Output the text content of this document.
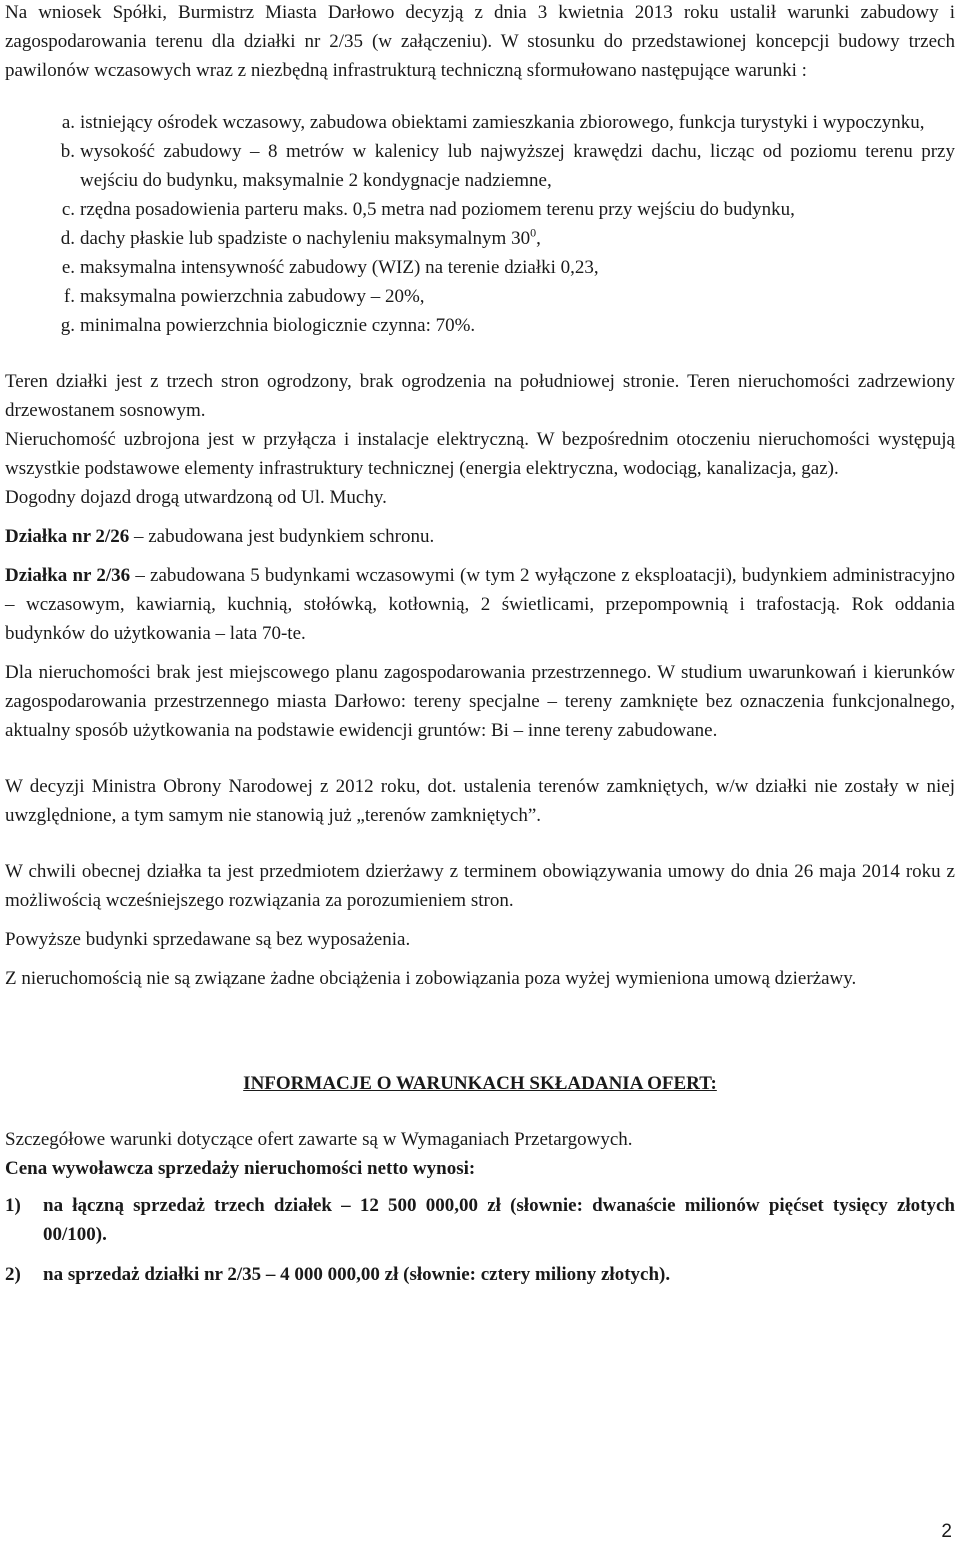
Na wniosek Spółki, Burmistrz Miasta Darłowo decyzją z dnia 3 kwietnia 2013 roku ustalił warunki zabudowy i zagospodarowania terenu dla działki nr 2/35 (w załączeniu). W stosunku do przedstawionej koncepcji budowy trzech pawilonów wczasowych wraz z niezbędną infrastrukturą techniczną sformułowano następujące warunki :

a. istniejący ośrodek wczasowy, zabudowa obiektami zamieszkania zbiorowego, funkcja turystyki i wypoczynku,
b. wysokość zabudowy – 8 metrów w kalenicy lub najwyższej krawędzi dachu, licząc od poziomu terenu przy wejściu do budynku, maksymalnie 2 kondygnacje nadziemne,
c. rzędna posadowienia parteru maks. 0,5 metra nad poziomem terenu przy wejściu do budynku,
d. dachy płaskie lub spadziste o nachyleniu maksymalnym $30^0$,
e. maksymalna intensywność zabudowy (WIZ) na terenie działki 0,23,
f. maksymalna powierzchnia zabudowy – 20%,
g. minimalna powierzchnia biologicznie czynna: 70%.

Teren działki jest z trzech stron ogrodzony, brak ogrodzenia na południowej stronie. Teren nieruchomości zadrzewiony drzewostanem sosnowym.

Nieruchomość uzbrojona jest w przyłącza i instalacje elektryczną. W bezpośrednim otoczeniu nieruchomości występują wszystkie podstawowe elementy infrastruktury technicznej (energia elektryczna, wodociąg, kanalizacja, gaz).

Dogodny dojazd drogą utwardzoną od Ul. Muchy.

Działka nr 2/26 – zabudowana jest budynkiem schronu.

Działka nr 2/36 – zabudowana 5 budynkami wczasowymi (w tym 2 wyłączone z eksploatacji), budynkiem administracyjno – wczasowym, kawiarnią, kuchnią, stołówką, kotłownią, 2 świetlicami, przepompownią i trafostacją. Rok oddania budynków do użytkowania – lata 70-te.

Dla nieruchomości brak jest miejscowego planu zagospodarowania przestrzennego. W studium uwarunkowań i kierunków zagospodarowania przestrzennego miasta Darłowo: tereny specjalne – tereny zamknięte bez oznaczenia funkcjonalnego, aktualny sposób użytkowania na podstawie ewidencji gruntów: Bi – inne tereny zabudowane.

W decyzji Ministra Obrony Narodowej z 2012 roku, dot. ustalenia terenów zamkniętych, w/w działki nie zostały w niej uwzględnione, a tym samym nie stanowią już „terenów zamkniętych”.

W chwili obecnej działka ta jest przedmiotem dzierżawy z terminem obowiązywania umowy do dnia 26 maja 2014 roku z możliwością wcześniejszego rozwiązania za porozumieniem stron.

Powyższe budynki sprzedawane są bez wyposażenia.

Z nieruchomością nie są związane żadne obciążenia i zobowiązania poza wyżej wymieniona umową dzierżawy.

INFORMACJE O WARUNKACH SKŁADANIA OFERT:

Szczegółowe warunki dotyczące ofert zawarte są w Wymaganiach Przetargowych.

Cena wywoławcza sprzedaży nieruchomości netto wynosi:

1) na łączną sprzedaż trzech działek – 12 500 000,00 zł (słownie: dwanaście milionów pięćset tysięcy złotych 00/100).
2) na sprzedaż działki nr 2/35 – 4 000 000,00 zł (słownie: cztery miliony złotych).
2
